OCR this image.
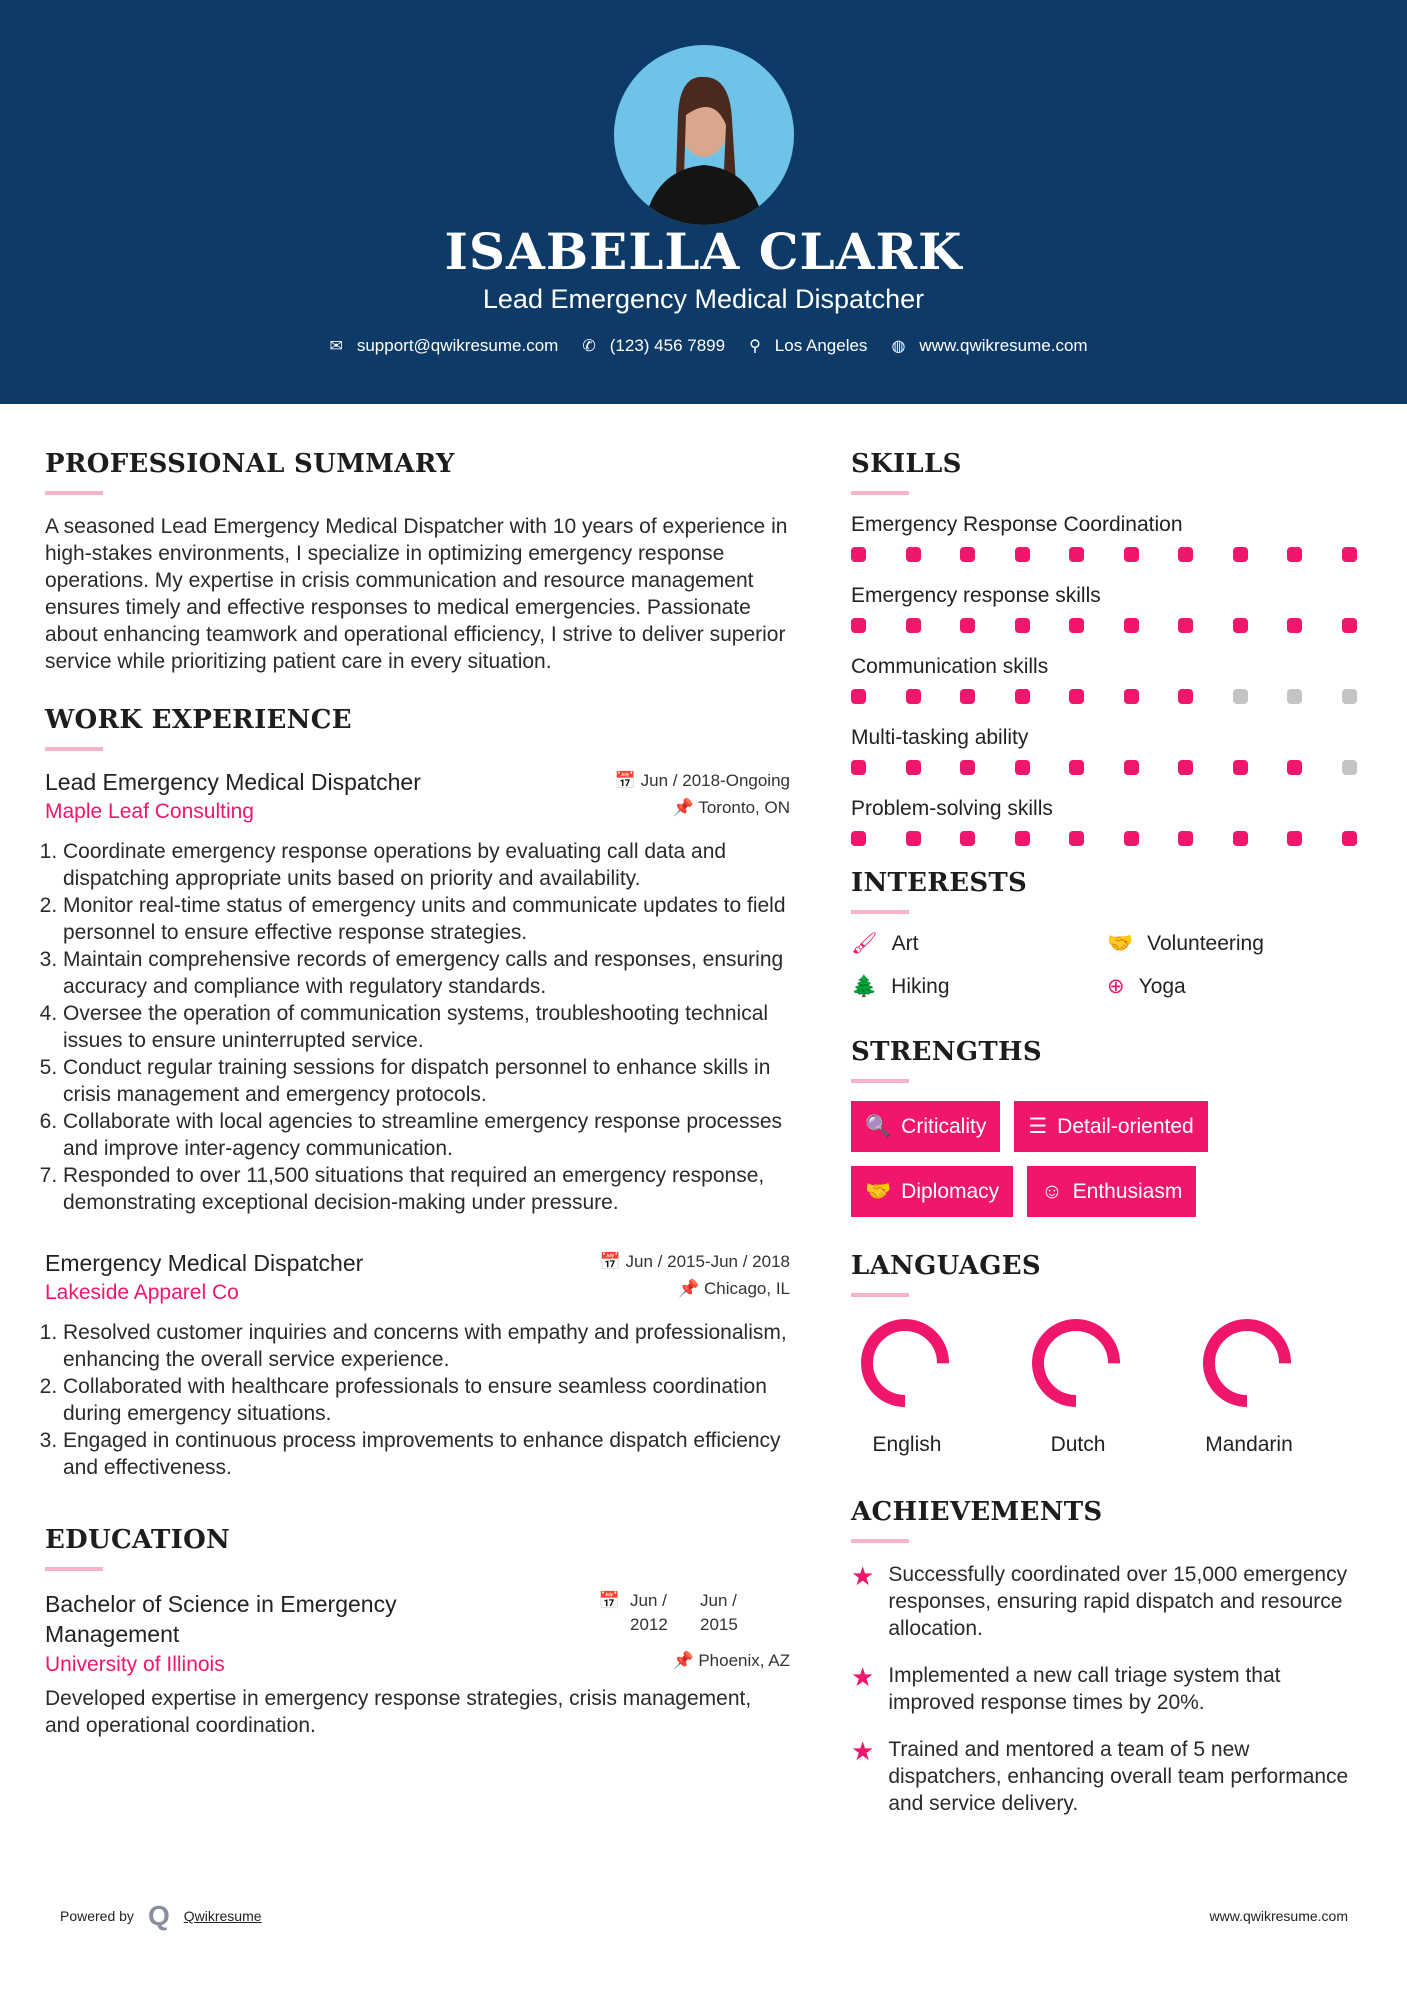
ISABELLA CLARK
Lead Emergency Medical Dispatcher
✉ support@qwikresume.com ✆ (123) 456 7899 ⚲ Los Angeles ◍ www.qwikresume.com
PROFESSIONAL SUMMARY

A seasoned Lead Emergency Medical Dispatcher with 10 years of experience in high-stakes environments, I specialize in optimizing emergency response operations. My expertise in crisis communication and resource management ensures timely and effective responses to medical emergencies. Passionate about enhancing teamwork and operational efficiency, I strive to deliver superior service while prioritizing patient care in every situation.

WORK EXPERIENCE
Lead Emergency Medical Dispatcher	📅 Jun / 2018-Ongoing
Maple Leaf Consulting	📌 Toronto, ON
1. Coordinate emergency response operations by evaluating call data and dispatching appropriate units based on priority and availability.
2. Monitor real-time status of emergency units and communicate updates to field personnel to ensure effective response strategies.
3. Maintain comprehensive records of emergency calls and responses, ensuring accuracy and compliance with regulatory standards.
4. Oversee the operation of communication systems, troubleshooting technical issues to ensure uninterrupted service.
5. Conduct regular training sessions for dispatch personnel to enhance skills in crisis management and emergency protocols.
6. Collaborate with local agencies to streamline emergency response processes and improve inter-agency communication.
7. Responded to over 11,500 situations that required an emergency response, demonstrating exceptional decision-making under pressure.
Emergency Medical Dispatcher	📅 Jun / 2015-Jun / 2018
Lakeside Apparel Co	📌 Chicago, IL
1. Resolved customer inquiries and concerns with empathy and professionalism, enhancing the overall service experience.
2. Collaborated with healthcare professionals to ensure seamless coordination during emergency situations.
3. Engaged in continuous process improvements to enhance dispatch efficiency and effectiveness.
EDUCATION
Bachelor of Science in Emergency Management
📅 Jun / 2012
Jun / 2015
University of Illinois	📌 Phoenix, AZ

Developed expertise in emergency response strategies, crisis management, and operational coordination.

SKILLS
Emergency Response Coordination
Emergency response skills
Communication skills
Multi-tasking ability
Problem-solving skills
INTERESTS
🖌 Art	🤝 Volunteering
🌲 Hiking	⊕ Yoga
STRENGTHS
🔍 Criticality ☰ Detail-oriented
🤝 Diplomacy ☺ Enthusiasm
LANGUAGES
English	Dutch	Mandarin
ACHIEVEMENTS
★ Successfully coordinated over 15,000 emergency responses, ensuring rapid dispatch and resource allocation.

★ Implemented a new call triage system that improved response times by 20%.

★ Trained and mentored a team of 5 new dispatchers, enhancing overall team performance and service delivery.

Powered by Q Qwikresume	www.qwikresume.com
